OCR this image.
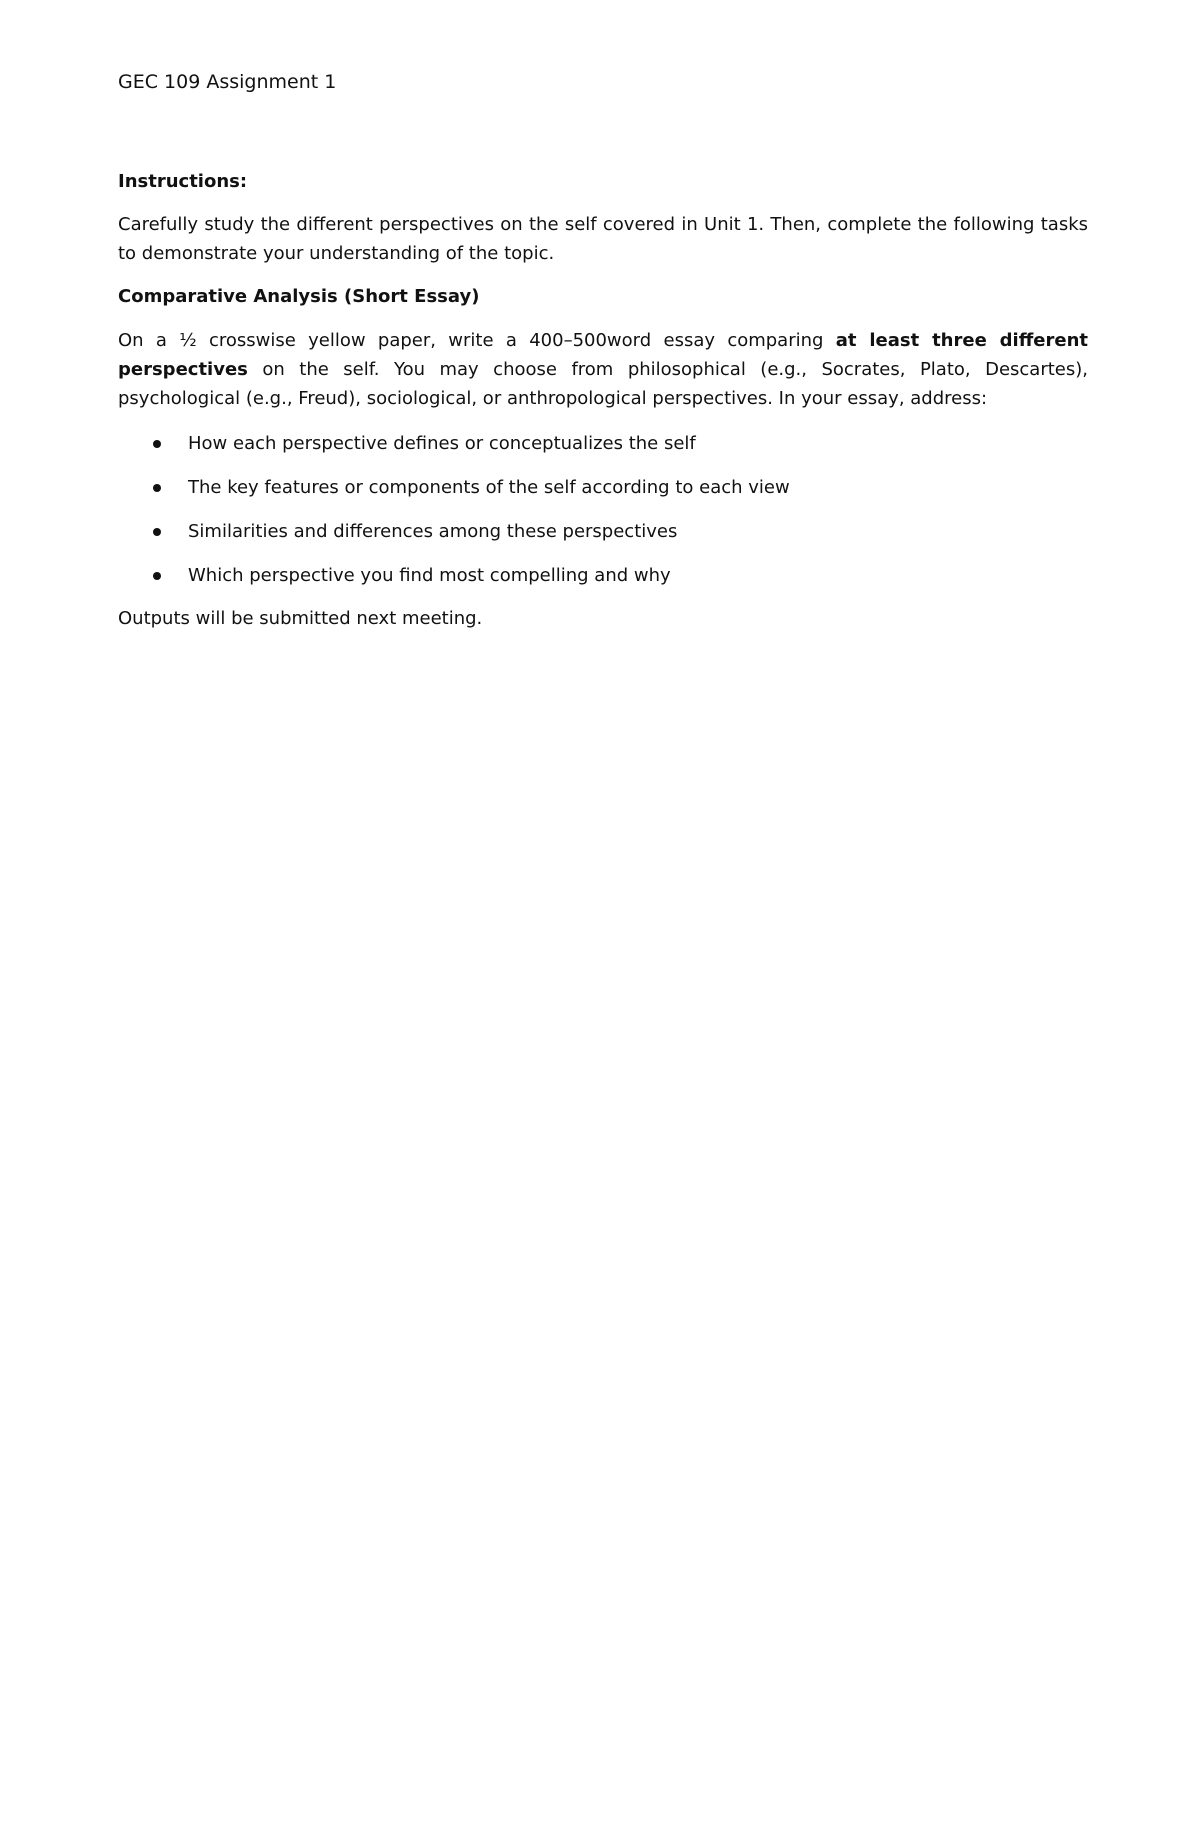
GEC 109 Assignment 1

Instructions:

Carefully study the different perspectives on the self covered in Unit 1. Then, complete the following tasks to demonstrate your understanding of the topic.

Comparative Analysis (Short Essay)

On a ½ crosswise yellow paper, write a 400–500word essay comparing at least three different perspectives on the self. You may choose from philosophical (e.g., Socrates, Plato, Descartes), psychological (e.g., Freud), sociological, or anthropological perspectives. In your essay, address:

How each perspective defines or conceptualizes the self
The key features or components of the self according to each view
Similarities and differences among these perspectives
Which perspective you find most compelling and why

Outputs will be submitted next meeting.
